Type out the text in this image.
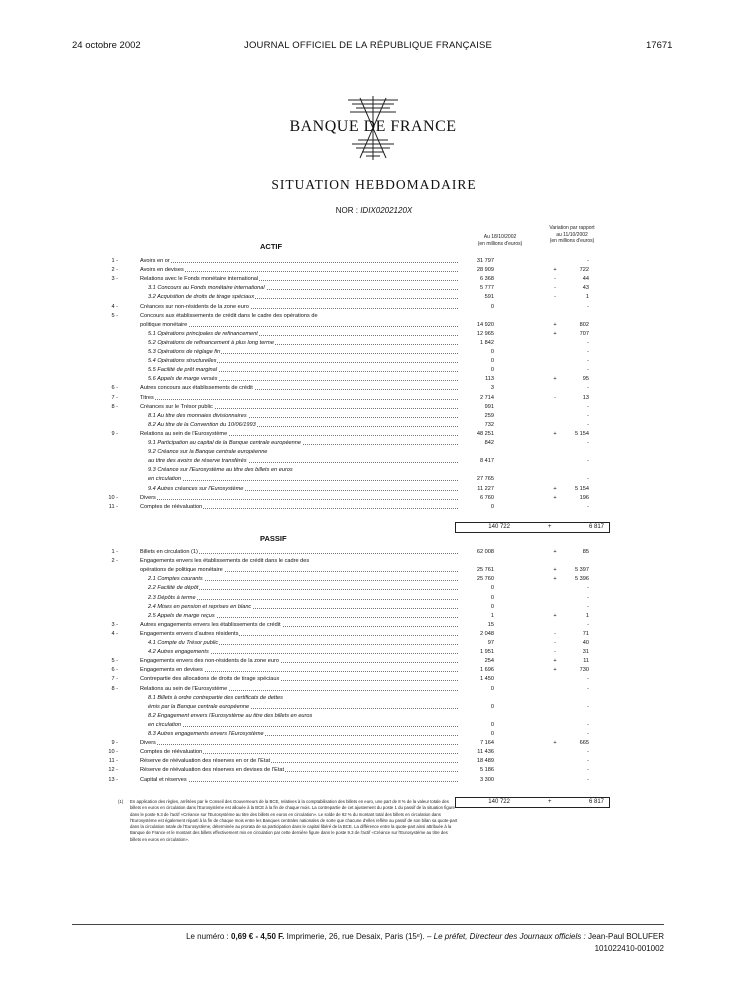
24 octobre 2002	JOURNAL OFFICIEL DE LA RÉPUBLIQUE FRANÇAISE	17671
BANQUE DE FRANCE
SITUATION HEBDOMADAIRE
NOR : IDIX0202120X
Au 18/10/2002
(en millions d'euros)
Variation par rapport
au 11/10/2002
(en millions d'euros)
ACTIF
1 -	Avoirs en or	31 797	-
2 -	Avoirs en devises	28 909	+	722
3 -	Relations avec le Fonds monétaire international	6 368	-	44
3.1 Concours au Fonds monétaire international	5 777	-	43
3.2 Acquisition de droits de tirage spéciaux	591	-	1
4 -	Créances sur non-résidents de la zone euro	0	-
5 -	Concours aux établissements de crédit dans le cadre des opérations de
politique monétaire	14 920	+	802
5.1 Opérations principales de refinancement	12 965	+	707
5.2 Opérations de refinancement à plus long terme	1 842	-
5.3 Opérations de réglage fin	0	-
5.4 Opérations structurelles	0	-
5.5 Facilité de prêt marginal	0	-
5.6 Appels de marge versés	113	+	95
6 -	Autres concours aux établissements de crédit	3	-
7 -	Titres	2 714	-	13
8 -	Créances sur le Trésor public	991	-
8.1 Au titre des monnaies divisionnaires	259	-
8.2 Au titre de la Convention du 10/06/1993	732	-
9 -	Relations au sein de l'Eurosystème	48 251	+	5 154
9.1 Participation au capital de la Banque centrale européenne	842	-
9.2 Créance sur la Banque centrale européenne
au titre des avoirs de réserve transférés	8 417	-
9.3 Créance sur l'Eurosystème au titre des billets en euros
en circulation	27 765	-
9.4 Autres créances sur l'Eurosystème	11 227	+	5 154
10 -	Divers	6 760	+	196
11 -	Comptes de réévaluation	0	-
140 722	+	6 817
PASSIF
1 -	Billets en circulation (1)	62 008	+	85
2 -	Engagements envers les établissements de crédit dans le cadre des
opérations de politique monétaire	25 761	+	5 397
2.1 Comptes courants	25 760	+	5 396
2.2 Facilité de dépôt	0	-
2.3 Dépôts à terme	0	-
2.4 Mises en pension et reprises en blanc	0	-
2.5 Appels de marge reçus	1	+	1
3 -	Autres engagements envers les établissements de crédit	15	-
4 -	Engagements envers d'autres résidents	2 048	-	71
4.1 Compte du Trésor public	97	-	40
4.2 Autres engagements	1 951	-	31
5 -	Engagements envers des non-résidents de la zone euro	254	+	11
6 -	Engagements en devises	1 696	+	730
7 -	Contrepartie des allocations de droits de tirage spéciaux	1 450	-
8 -	Relations au sein de l'Eurosystème	0	-
8.1 Billets à ordre contrepartie des certificats de dettes
émis par la Banque centrale européenne	0	-
8.2 Engagement envers l'Eurosystème au titre des billets en euros
en circulation	0	-
8.3 Autres engagements envers l'Eurosystème	0	-
9 -	Divers	7 164	+	665
10 -	Comptes de réévaluation	11 436	-
11 -	Réserve de réévaluation des réserves en or de l'Etat	18 489	-
12 -	Réserve de réévaluation des réserves en devises de l'Etat	5 186	-
13 -	Capital et réserves	3 300	-
140 722	+	6 817
(1) En application des règles, arrêtées par le Conseil des Gouverneurs de la BCE, relatives à la comptabilisation des billets en euro, une part de 8 % de la valeur totale des billets en euros en circulation dans l'Eurosystème est allouée à la BCE à la fin de chaque mois. La contrepartie de cet ajustement du poste 1 du passif de la situation figure dans le poste 9.3 de l'actif «Créance sur l'Eurosystème au titre des billets en euros en circulation». Le solde de 92 % du montant total des billets en circulation dans l'Eurosystème est également réparti à la fin de chaque mois entre les Banques centrales nationales de sorte que chacune d'elles reflète au passif de son bilan sa quote-part dans la circulation totale de l'Eurosystème, déterminée au prorata de sa participation dans le capital libéré de la BCE. La différence entre la quote-part ainsi attribuée à la Banque de France et le montant des billets effectivement mis en circulation par cette dernière figure dans le poste 9.3 de l'actif «Créance sur l'Eurosystème au titre des billets en euros en circulation».
Le numéro : 0,69 € - 4,50 F. Imprimerie, 26, rue Desaix, Paris (15ᵉ). – Le préfet, Directeur des Journaux officiels : Jean-Paul BOLUFER
101022410-001002
